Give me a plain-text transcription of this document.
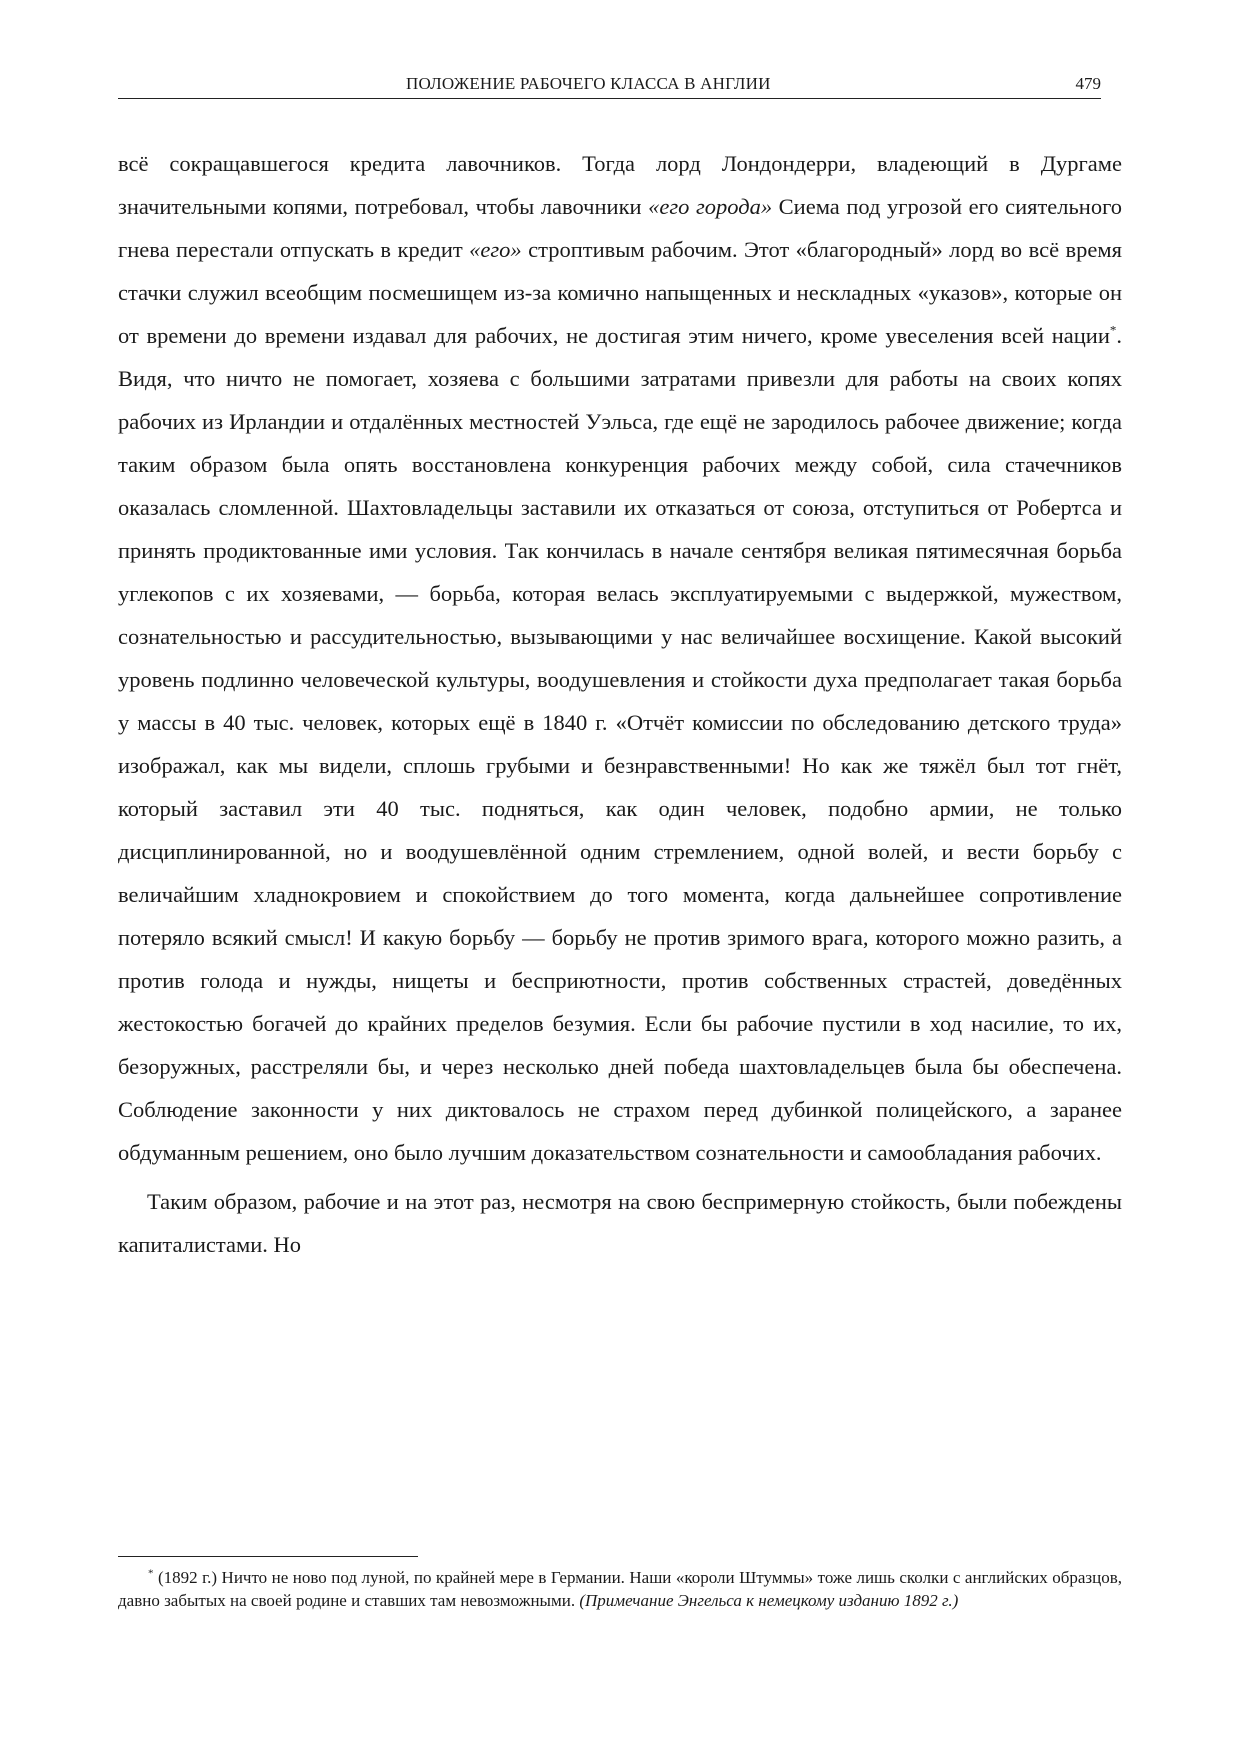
ПОЛОЖЕНИЕ РАБОЧЕГО КЛАССА В АНГЛИИ	479

всё сокращавшегося кредита лавочников. Тогда лорд Лондондерри, владеющий в Дургаме значительными копями, потребовал, чтобы лавочники «его города» Сиема под угрозой его сиятельного гнева перестали отпускать в кредит «его» строптивым рабочим. Этот «благородный» лорд во всё время стачки служил всеобщим посмешищем из-за комично напыщенных и нескладных «указов», которые он от времени до времени издавал для рабочих, не достигая этим ничего, кроме увеселения всей нации*. Видя, что ничто не помогает, хозяева с большими затратами привезли для работы на своих копях рабочих из Ирландии и отдалённых местностей Уэльса, где ещё не зародилось рабочее движение; когда таким образом была опять восстановлена конкуренция рабочих между собой, сила стачечников оказалась сломленной. Шахтовладельцы заставили их отказаться от союза, отступиться от Робертса и принять продиктованные ими условия. Так кончилась в начале сентября великая пятимесячная борьба углекопов с их хозяевами, — борьба, которая велась эксплуатируемыми с выдержкой, мужеством, сознательностью и рассудительностью, вызывающими у нас величайшее восхищение. Какой высокий уровень подлинно человеческой культуры, воодушевления и стойкости духа предполагает такая борьба у массы в 40 тыс. человек, которых ещё в 1840 г. «Отчёт комиссии по обследованию детского труда» изображал, как мы видели, сплошь грубыми и безнравственными! Но как же тяжёл был тот гнёт, который заставил эти 40 тыс. подняться, как один человек, подобно армии, не только дисциплинированной, но и воодушевлённой одним стремлением, одной волей, и вести борьбу с величайшим хладнокровием и спокойствием до того момента, когда дальнейшее сопротивление потеряло всякий смысл! И какую борьбу — борьбу не против зримого врага, которого можно разить, а против голода и нужды, нищеты и бесприютности, против собственных страстей, доведённых жестокостью богачей до крайних пределов безумия. Если бы рабочие пустили в ход насилие, то их, безоружных, расстреляли бы, и через несколько дней победа шахтовладельцев была бы обеспечена. Соблюдение законности у них диктовалось не страхом перед дубинкой полицейского, а заранее обдуманным решением, оно было лучшим доказательством сознательности и самообладания рабочих.

Таким образом, рабочие и на этот раз, несмотря на свою беспримерную стойкость, были побеждены капиталистами. Но

* (1892 г.) Ничто не ново под луной, по крайней мере в Германии. Наши «короли Штуммы» тоже лишь сколки с английских образцов, давно забытых на своей родине и ставших там невозможными. (Примечание Энгельса к немецкому изданию 1892 г.)
